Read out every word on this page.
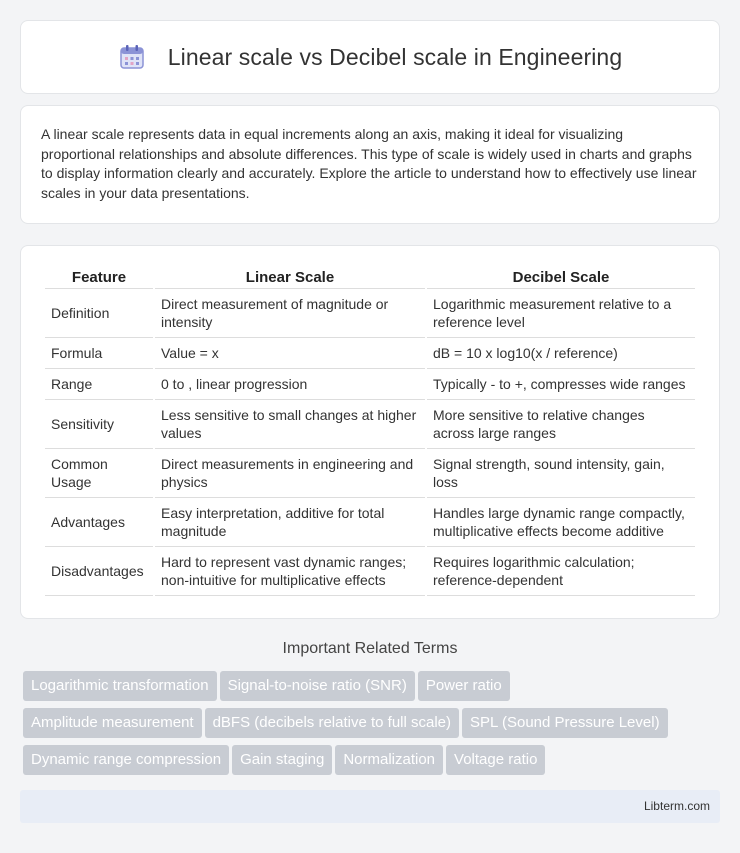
Linear scale vs Decibel scale in Engineering

A linear scale represents data in equal increments along an axis, making it ideal for visualizing proportional relationships and absolute differences. This type of scale is widely used in charts and graphs to display information clearly and accurately. Explore the article to understand how to effectively use linear scales in your data presentations.

Feature	Linear Scale	Decibel Scale
Definition	Direct measurement of magnitude or intensity	Logarithmic measurement relative to a reference level
Formula	Value = x	dB = 10 x log10(x / reference)
Range	0 to , linear progression	Typically - to +, compresses wide ranges
Sensitivity	Less sensitive to small changes at higher values	More sensitive to relative changes across large ranges
Common Usage	Direct measurements in engineering and physics	Signal strength, sound intensity, gain, loss
Advantages	Easy interpretation, additive for total magnitude	Handles large dynamic range compactly, multiplicative effects become additive
Disadvantages	Hard to represent vast dynamic ranges; non-intuitive for multiplicative effects	Requires logarithmic calculation; reference-dependent
Important Related Terms
Logarithmic transformation Signal-to-noise ratio (SNR) Power ratio
Amplitude measurement dBFS (decibels relative to full scale) SPL (Sound Pressure Level)
Dynamic range compression Gain staging Normalization Voltage ratio
Libterm.com
